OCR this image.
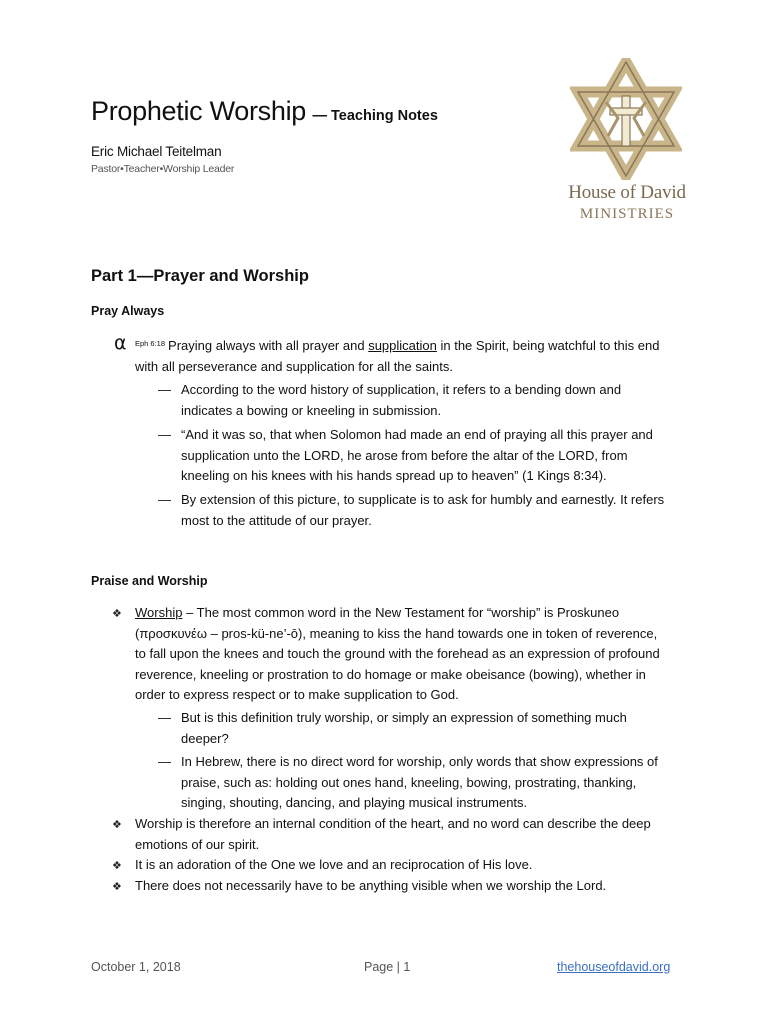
Prophetic Worship — Teaching Notes
Eric Michael Teitelman
Pastor•Teacher•Worship Leader
House of David
MINISTRIES
Part 1—Prayer and Worship
Pray Always
α $^{Eph 6:18}$ Praying always with all prayer and supplication in the Spirit, being watchful to this end with all perseverance and supplication for all the saints.
— According to the word history of supplication, it refers to a bending down and indicates a bowing or kneeling in submission.
— “And it was so, that when Solomon had made an end of praying all this prayer and supplication unto the LORD, he arose from before the altar of the LORD, from kneeling on his knees with his hands spread up to heaven” (1 Kings 8:34).
— By extension of this picture, to supplicate is to ask for humbly and earnestly. It refers most to the attitude of our prayer.
Praise and Worship
❖ Worship – The most common word in the New Testament for “worship” is Proskuneo (προσκυνέω – pros-kü-ne’-ō), meaning to kiss the hand towards one in token of reverence, to fall upon the knees and touch the ground with the forehead as an expression of profound reverence, kneeling or prostration to do homage or make obeisance (bowing), whether in order to express respect or to make supplication to God.
— But is this definition truly worship, or simply an expression of something much deeper?
— In Hebrew, there is no direct word for worship, only words that show expressions of praise, such as: holding out ones hand, kneeling, bowing, prostrating, thanking, singing, shouting, dancing, and playing musical instruments.
❖ Worship is therefore an internal condition of the heart, and no word can describe the deep emotions of our spirit.
❖ It is an adoration of the One we love and an reciprocation of His love.
❖ There does not necessarily have to be anything visible when we worship the Lord.
October 1, 2018	Page | 1	thehouseofdavid.org
